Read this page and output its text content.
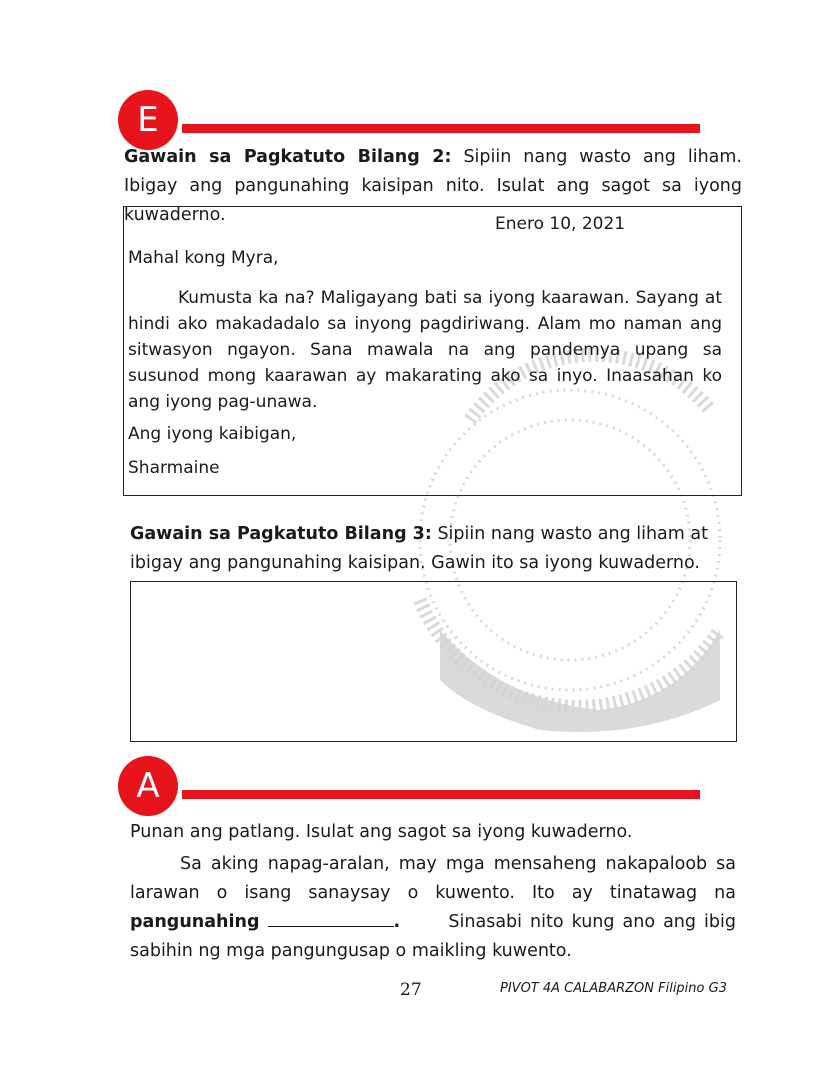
E
Gawain sa Pagkatuto Bilang 2: Sipiin nang wasto ang liham. Ibigay ang pangunahing kaisipan nito. Isulat ang sagot sa iyong kuwaderno.	Enero 10, 2021
Mahal kong Myra,
Kumusta ka na? Maligayang bati sa iyong kaarawan. Sayang at hindi ako makadadalo sa inyong pagdiriwang. Alam mo naman ang sitwasyon ngayon. Sana mawala na ang pandemya upang sa susunod mong kaarawan ay makarating ako sa inyo. Inaasahan ko ang iyong pag-unawa.
Ang iyong kaibigan,
Sharmaine
Gawain sa Pagkatuto Bilang 3: Sipiin nang wasto ang liham at ibigay ang pangunahing kaisipan. Gawin ito sa iyong kuwaderno.
A
Punan ang patlang. Isulat ang sagot sa iyong kuwaderno.
Sa aking napag-aralan, may mga mensaheng nakapaloob sa larawan o isang sanaysay o kuwento. Ito ay tinatawag na pangunahing	.	Sinasabi nito kung ano ang ibig sabihin ng mga pangungusap o maikling kuwento.
27	PIVOT 4A CALABARZON Filipino G3
